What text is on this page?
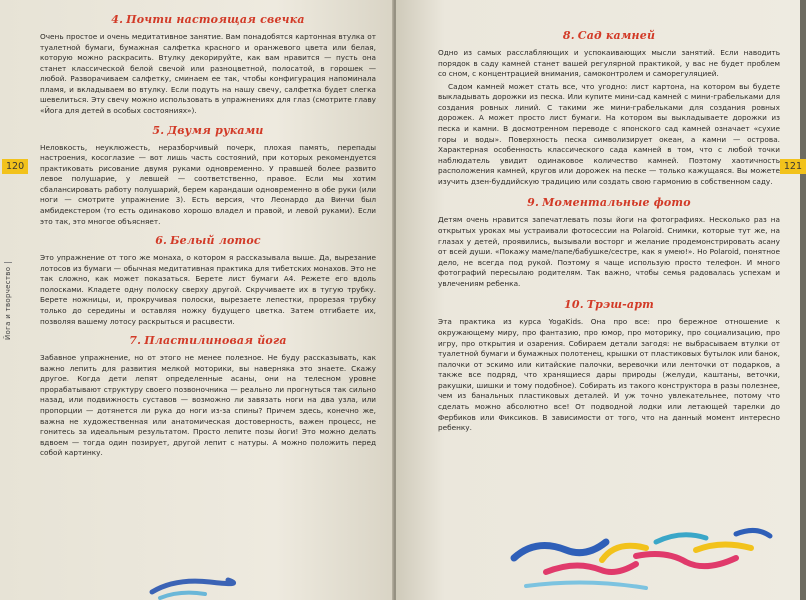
4. Почти настоящая свечка

Очень простое и очень медитативное занятие. Вам понадобятся картонная втулка от туалетной бумаги, бумажная салфетка красного и оранжевого цвета или белая, которую можно раскрасить. Втулку декорируйте, как вам нравится — пусть она станет классической белой свечой или разноцветной, полосатой, в горошек — любой. Разворачиваем салфетку, сминаем ее так, чтобы конфигурация напоминала пламя, и вкладываем во втулку. Если подуть на нашу свечу, салфетка будет слегка шевелиться. Эту свечу можно использовать в упражнениях для глаз (смотрите главу «Йога для детей в особых состояниях»).

5. Двумя руками

Неловкость, неуклюжесть, неразборчивый почерк, плохая память, перепады настроения, косоглазие — вот лишь часть состояний, при которых рекомендуется практиковать рисование двумя руками одновременно. У правшей более развито левое полушарие, у левшей — соответственно, правое. Если мы хотим сбалансировать работу полушарий, берем карандаши одновременно в обе руки (или ноги — смотрите упражнение 3). Есть версия, что Леонардо да Винчи был амбидекстером (то есть одинаково хорошо владел и правой, и левой руками). Если это так, это многое объясняет.

6. Белый лотос

Это упражнение от того же монаха, о котором я рассказывала выше. Да, вырезание лотосов из бумаги — обычная медитативная практика для тибетских монахов. Это не так сложно, как может показаться. Берете лист бумаги А4. Режете его вдоль полосками. Кладете одну полоску сверху другой. Скручиваете их в тугую трубку. Берете ножницы, и, прокручивая полоски, вырезаете лепестки, прорезая трубку только до середины и оставляя ножку будущего цветка. Затем отгибаете их, позволяя вашему лотосу раскрыться и расцвести.

7. Пластилиновая йога

Забавное упражнение, но от этого не менее полезное. Не буду рассказывать, как важно лепить для развития мелкой моторики, вы наверняка это знаете. Скажу другое. Когда дети лепят определенные асаны, они на телесном уровне прорабатывают структуру своего позвоночника — реально ли прогнуться так сильно назад, или подвижность суставов — возможно ли завязать ноги на два узла, или пропорции — дотянется ли рука до ноги из-за спины? Причем здесь, конечно же, важна не художественная или анатомическая достоверность, важен процесс, не гонитесь за идеальным результатом. Просто лепите позы йоги! Это можно делать вдвоем — тогда один позирует, другой лепит с натуры. А можно положить перед собой картинку.

120
Йога и творчество
8. Сад камней

Одно из самых расслабляющих и успокаивающих мысли занятий. Если наводить порядок в саду камней станет вашей регулярной практикой, у вас не будет проблем со сном, с концентрацией внимания, самоконтролем и саморегуляцией.

Садом камней может стать все, что угодно: лист картона, на котором вы будете выкладывать дорожки из песка. Или купите мини-сад камней с мини-грабельками для создания ровных линий. С такими же мини-грабельками для создания ровных дорожек. А может просто лист бумаги. На котором вы выкладываете дорожки из песка и камни. В досмотренном переводе с японского сад камней означает «сухие горы и воды». Поверхность песка символизирует океан, а камни — острова. Характерная особенность классического сада камней в том, что с любой точки наблюдатель увидит одинаковое количество камней. Поэтому хаотичность расположения камней, кругов или дорожек на песке — только кажущаяся. Вы можете изучить дзен-буддийскую традицию или создать свою гармонию в собственном саду.

9. Моментальные фото

Детям очень нравится запечатлевать позы йоги на фотографиях. Несколько раз на открытых уроках мы устраивали фотосессии на Polaroid. Снимки, которые тут же, на глазах у детей, проявились, вызывали восторг и желание продемонстрировать асану от всей души. «Покажу маме/папе/бабушке/сестре, как я умею!». Но Polaroid, понятное дело, не всегда под рукой. Поэтому я чаще использую просто телефон. И много фотографий пересылаю родителям. Так важно, чтобы семья радовалась успехам и увлечениям ребенка.

10. Трэш-арт

Эта практика из курса YogaKids. Она про все: про бережное отношение к окружающему миру, про фантазию, про юмор, про моторику, про социализацию, про игру, про открытия и озарения. Собираем детали загодя: не выбрасываем втулки от туалетной бумаги и бумажных полотенец, крышки от пластиковых бутылок или банок, палочки от эскимо или китайские палочки, веревочки или ленточки от подарков, а также все подряд, что хранящиеся дары природы (желуди, каштаны, веточки, ракушки, шишки и тому подобное). Собирать из такого конструктора в разы полезнее, чем из банальных пластиковых деталей. И уж точно увлекательнее, потому что сделать можно абсолютно все! От подводной лодки или летающей тарелки до Фербиков или Фиксиков. В зависимости от того, что на данный момент интересно ребенку.

121
